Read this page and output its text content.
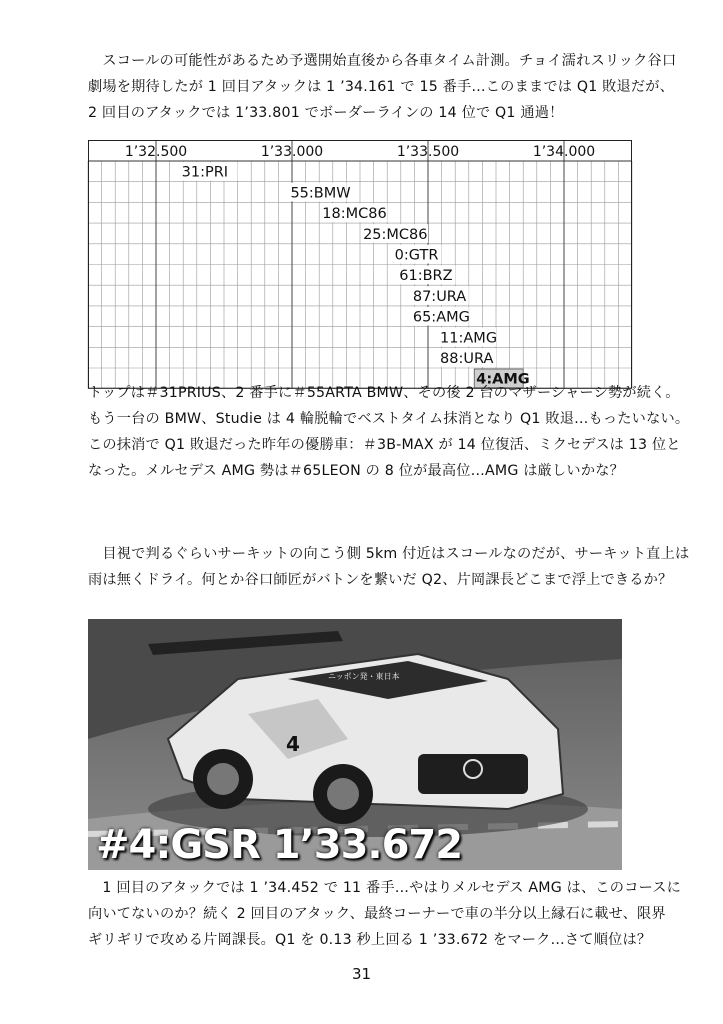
　スコールの可能性があるため予選開始直後から各車タイム計測。チョイ濡れスリック谷口
劇場を期待したが 1 回目アタックは 1 ’34.161 で 15 番手…このままでは Q1 敗退だが、
2 回目のアタックでは 1’33.801 でボーダーラインの 14 位で Q1 通過！
1’32.500	1’33.000	1’33.500	1’34.000
31:PRI
55:BMW
18:MC86
25:MC86
0:GTR
61:BRZ
87:URA
65:AMG
11:AMG
88:URA
4:AMG
トップは＃31PRIUS、2 番手に＃55ARTA BMW、その後 2 台のマザーシャーシ勢が続く。
もう一台の BMW、Studie は 4 輪脱輪でベストタイム抹消となり Q1 敗退…もったいない。
この抹消で Q1 敗退だった昨年の優勝車：＃3B-MAX が 14 位復活、ミクセデスは 13 位と
なった。メルセデス AMG 勢は＃65LEON の 8 位が最高位…AMG は厳しいかな？
　目視で判るぐらいサーキットの向こう側 5km 付近はスコールなのだが、サーキット直上は
雨は無くドライ。何とか谷口師匠がバトンを繋いだ Q2、片岡課長どこまで浮上できるか？
4
ニッポン発・東日本
#4:GSR 1’33.672
　1 回目のアタックでは 1 ’34.452 で 11 番手…やはりメルセデス AMG は、このコースに
向いてないのか？続く 2 回目のアタック、最終コーナーで車の半分以上縁石に載せ、限界
ギリギリで攻める片岡課長。Q1 を 0.13 秒上回る 1 ’33.672 をマーク…さて順位は？
31
